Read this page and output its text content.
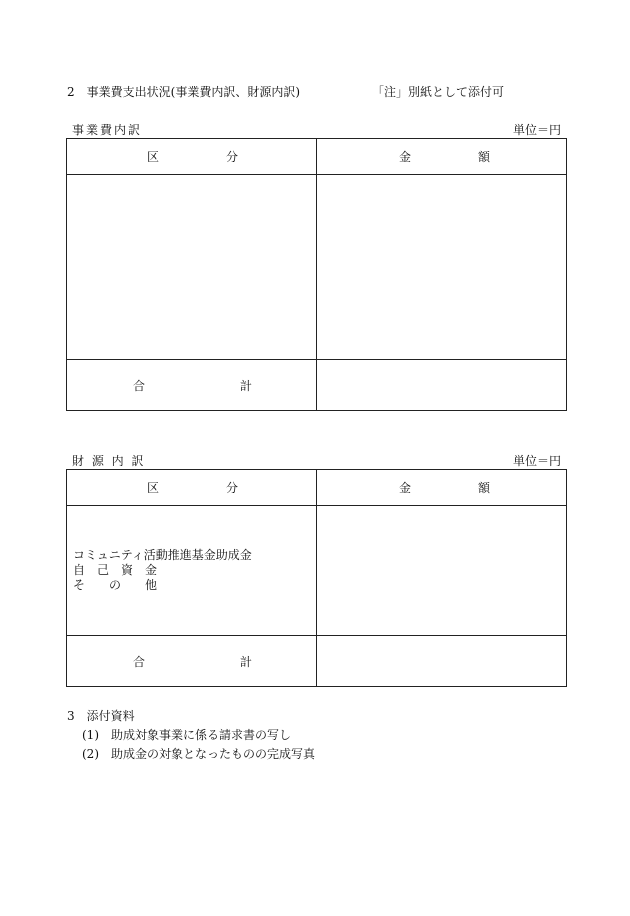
2　事業費支出状況(事業費内訳、財源内訳)	「注」別紙として添付可
事業費内訳	単位＝円
区 分	金 額

合 計	

財 源 内 訳	単位＝円
区 分	金 額

コミュニティ活動推進基金助成金
自　己　資　金
そ　　の　　他	

合 計	

3　添付資料
(1)　助成対象事業に係る請求書の写し
(2)　助成金の対象となったものの完成写真
